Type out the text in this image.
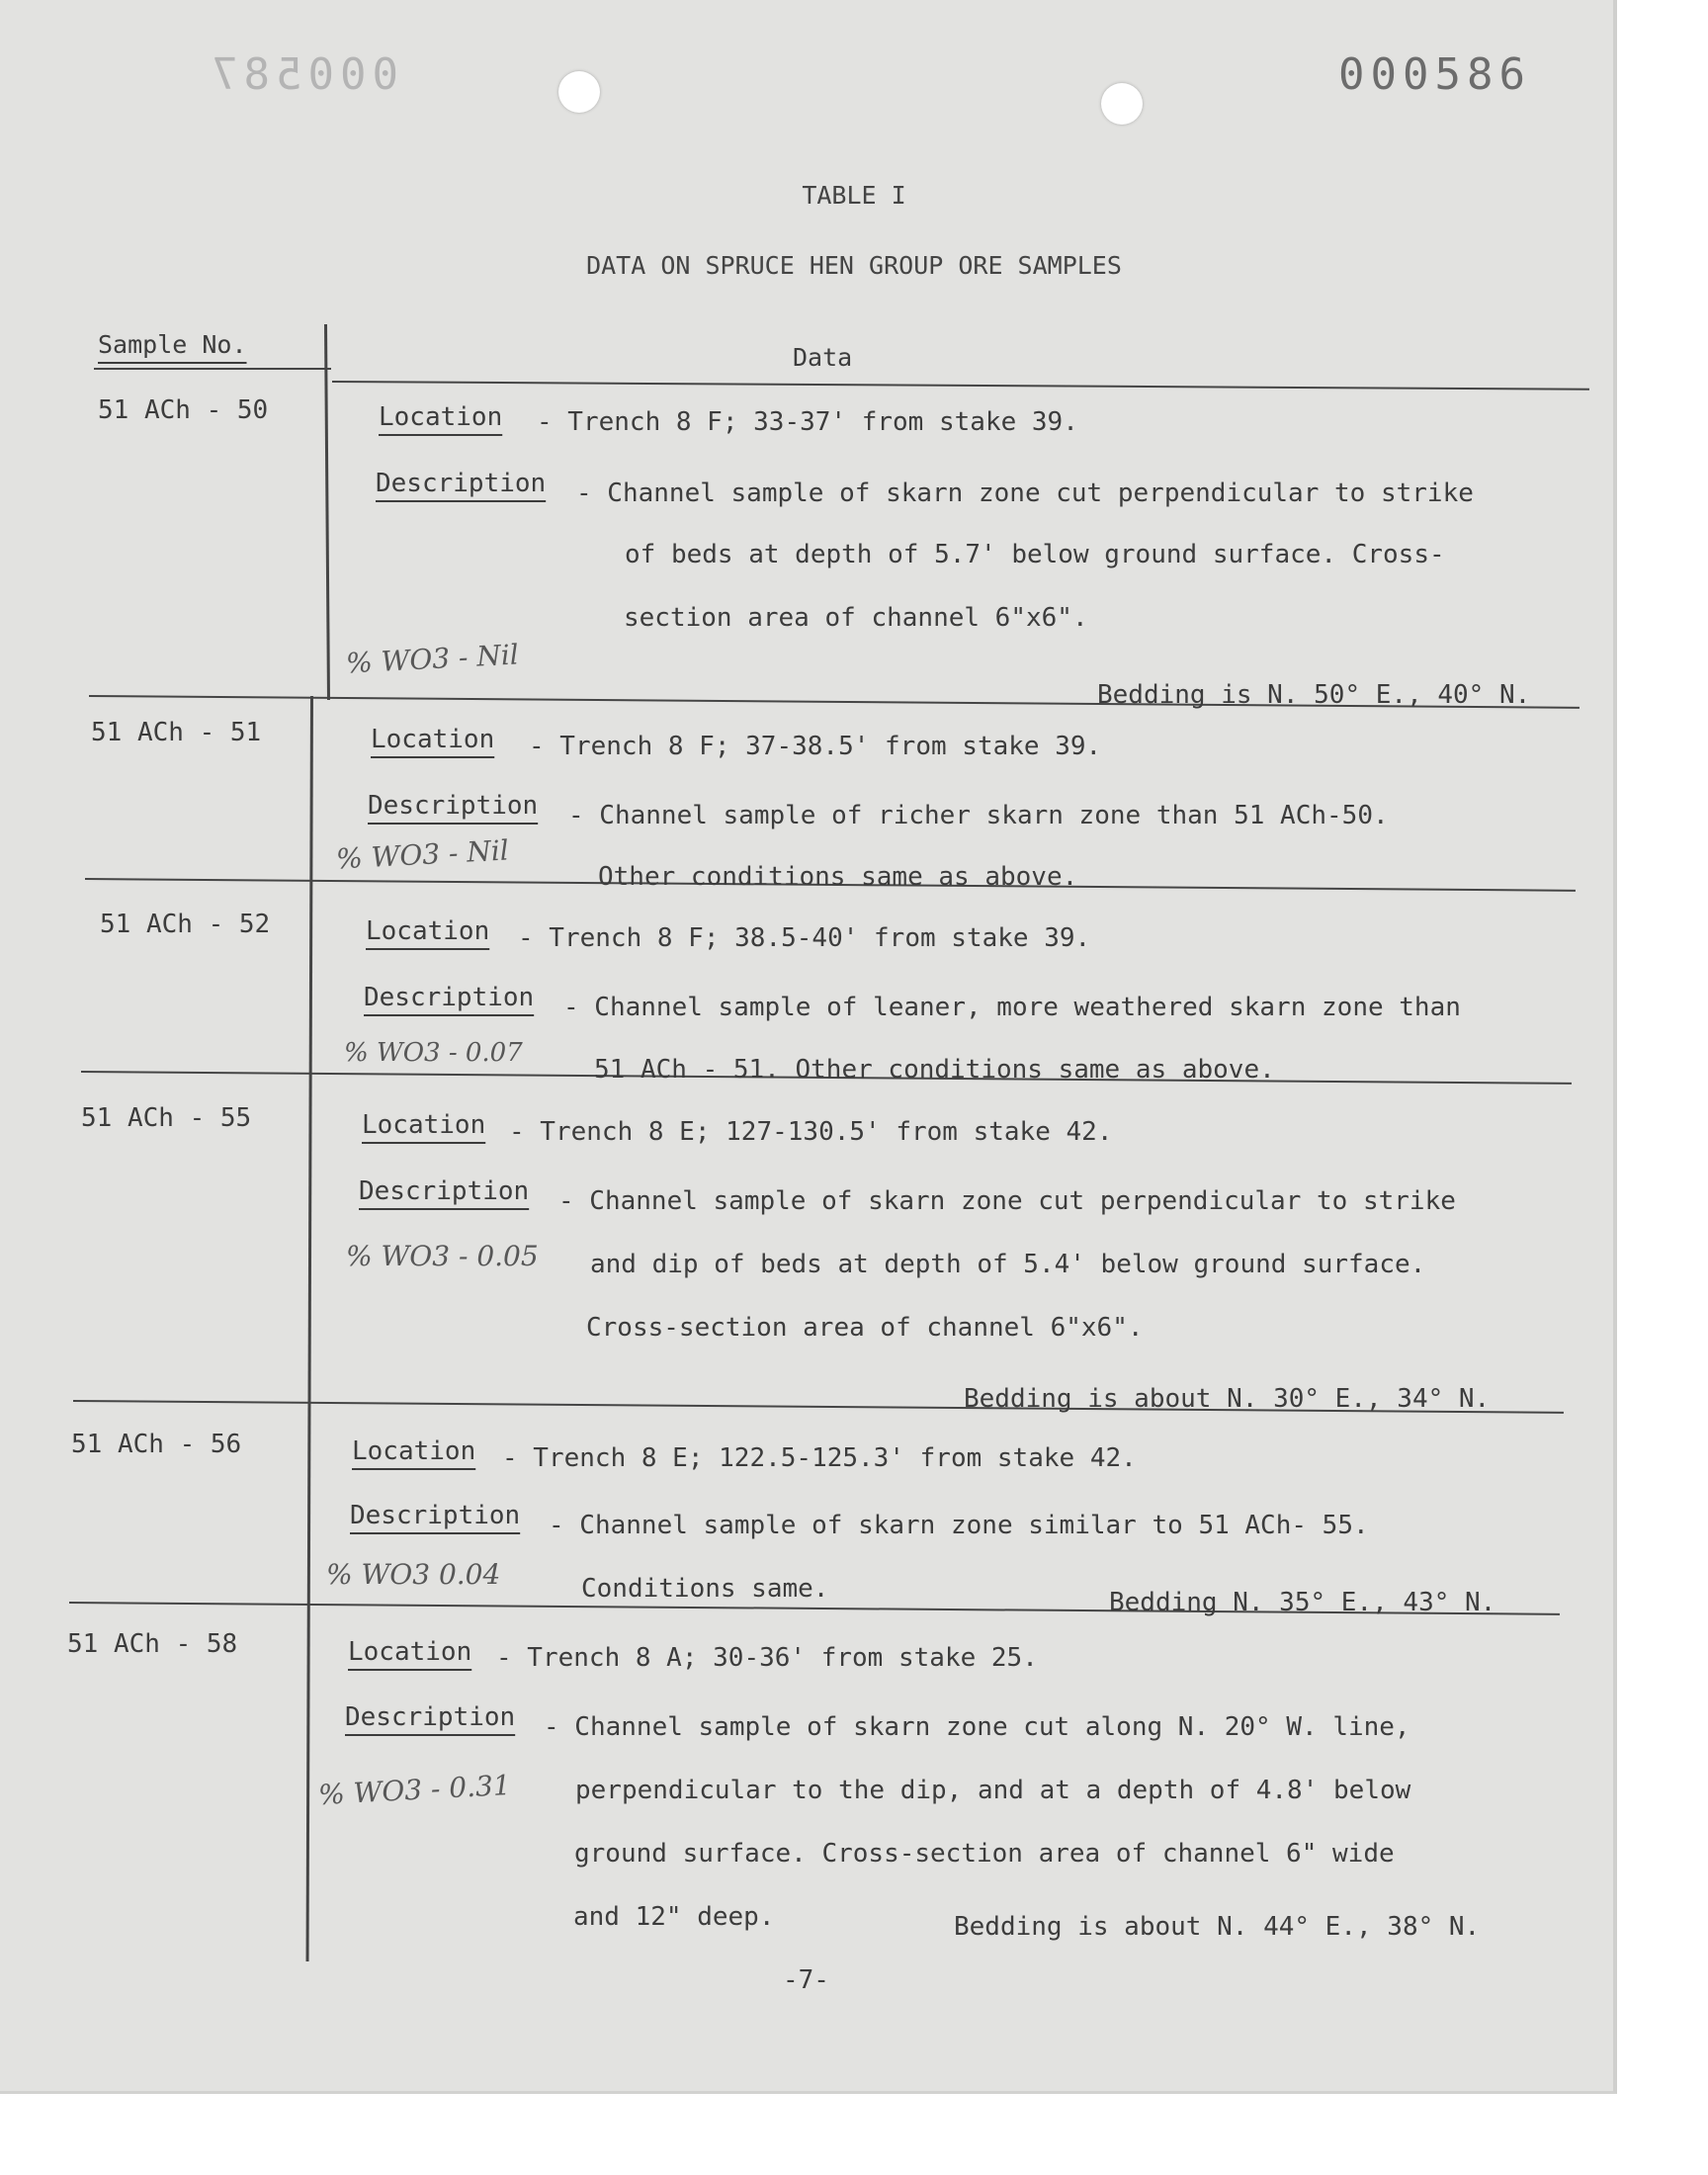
000587	000586
TABLE I
DATA ON SPRUCE HEN GROUP ORE SAMPLES
Sample No.	Data
51 ACh - 50	Location - Trench 8 F; 33-37' from stake 39.
Description - Channel sample of skarn zone cut perpendicular to strike
of beds at depth of 5.7' below ground surface. Cross-
section area of channel 6"x6".
% WO3 - Nil
Bedding is N. 50° E., 40° N.
51 ACh - 51	Location - Trench 8 F; 37-38.5' from stake 39.
Description - Channel sample of richer skarn zone than 51 ACh-50.
% WO3 - Nil
Other conditions same as above.
51 ACh - 52	Location - Trench 8 F; 38.5-40' from stake 39.
Description - Channel sample of leaner, more weathered skarn zone than
% WO3 - 0.07
51 ACh - 51. Other conditions same as above.
51 ACh - 55	Location - Trench 8 E; 127-130.5' from stake 42.
Description - Channel sample of skarn zone cut perpendicular to strike
% WO3 - 0.05 and dip of beds at depth of 5.4' below ground surface.
Cross-section area of channel 6"x6".
Bedding is about N. 30° E., 34° N.
51 ACh - 56	Location - Trench 8 E; 122.5-125.3' from stake 42.
Description - Channel sample of skarn zone similar to 51 ACh- 55.
% WO3 0.04	Conditions same.	Bedding N. 35° E., 43° N.
51 ACh - 58	Location - Trench 8 A; 30-36' from stake 25.
Description - Channel sample of skarn zone cut along N. 20° W. line,
% WO3 - 0.31 perpendicular to the dip, and at a depth of 4.8' below
ground surface. Cross-section area of channel 6" wide
and 12" deep.	Bedding is about N. 44° E., 38° N.
-7-
